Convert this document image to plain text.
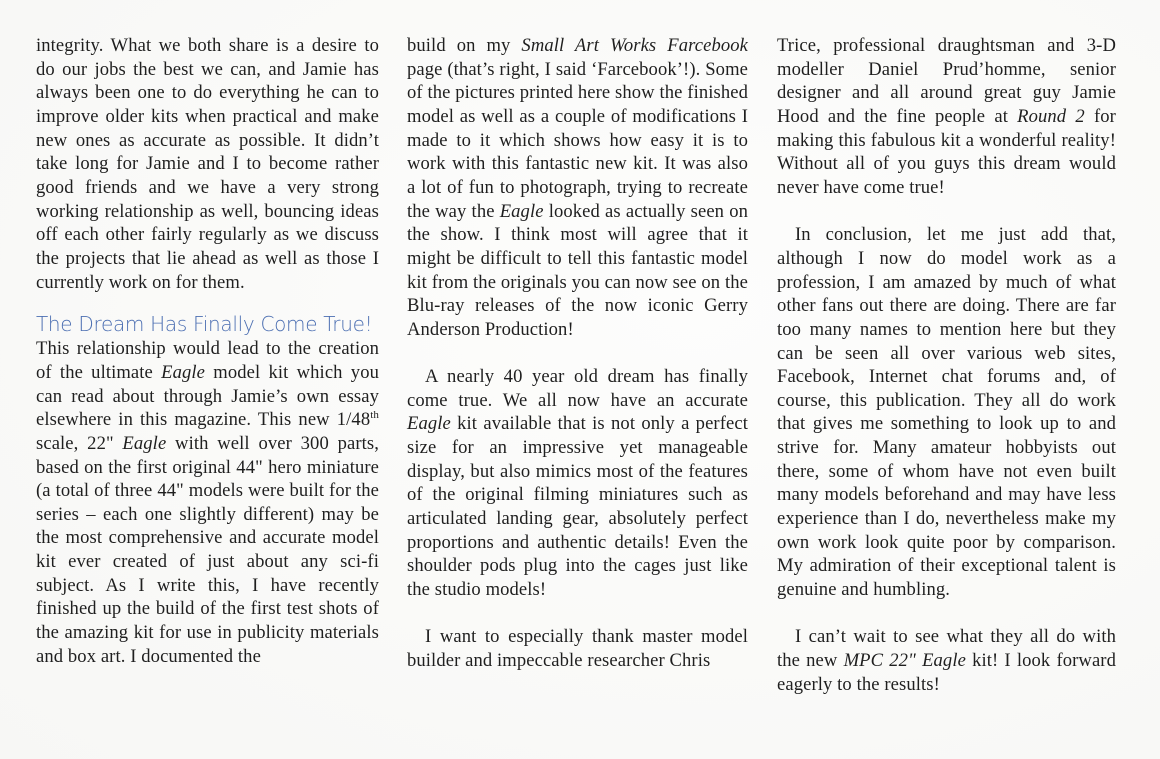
integrity. What we both share is a desire to do our jobs the best we can, and Jamie has always been one to do everything he can to improve older kits when practical and make new ones as accurate as possible. It didn’t take long for Jamie and I to become rather good friends and we have a very strong working relationship as well, bouncing ideas off each other fairly regularly as we discuss the projects that lie ahead as well as those I currently work on for them.

The Dream Has Finally Come True!

This relationship would lead to the creation of the ultimate Eagle model kit which you can read about through Jamie’s own essay elsewhere in this magazine. This new 1/48th scale, 22" Eagle with well over 300 parts, based on the first original 44" hero miniature (a total of three 44" models were built for the series – each one slightly different) may be the most comprehensive and accurate model kit ever created of just about any sci-fi subject. As I write this, I have recently finished up the build of the first test shots of the amazing kit for use in publicity materials and box art. I documented the

build on my Small Art Works Farcebook page (that’s right, I said ‘Farcebook’!). Some of the pictures printed here show the finished model as well as a couple of modifications I made to it which shows how easy it is to work with this fantastic new kit. It was also a lot of fun to photograph, trying to recreate the way the Eagle looked as actually seen on the show. I think most will agree that it might be difficult to tell this fantastic model kit from the originals you can now see on the Blu-ray releases of the now iconic Gerry Anderson Production!

A nearly 40 year old dream has finally come true. We all now have an accurate Eagle kit available that is not only a perfect size for an impressive yet manageable display, but also mimics most of the features of the original filming miniatures such as articulated landing gear, absolutely perfect proportions and authentic details! Even the shoulder pods plug into the cages just like the studio models!

I want to especially thank master model builder and impeccable researcher Chris

Trice, professional draughtsman and 3-D modeller Daniel Prud’homme, senior designer and all around great guy Jamie Hood and the fine people at Round 2 for making this fabulous kit a wonderful reality! Without all of you guys this dream would never have come true!

In conclusion, let me just add that, although I now do model work as a profession, I am amazed by much of what other fans out there are doing. There are far too many names to mention here but they can be seen all over various web sites, Facebook, Internet chat forums and, of course, this publication. They all do work that gives me something to look up to and strive for. Many amateur hobbyists out there, some of whom have not even built many models beforehand and may have less experience than I do, nevertheless make my own work look quite poor by comparison. My admiration of their exceptional talent is genuine and humbling.

I can’t wait to see what they all do with the new MPC 22" Eagle kit! I look forward eagerly to the results!
